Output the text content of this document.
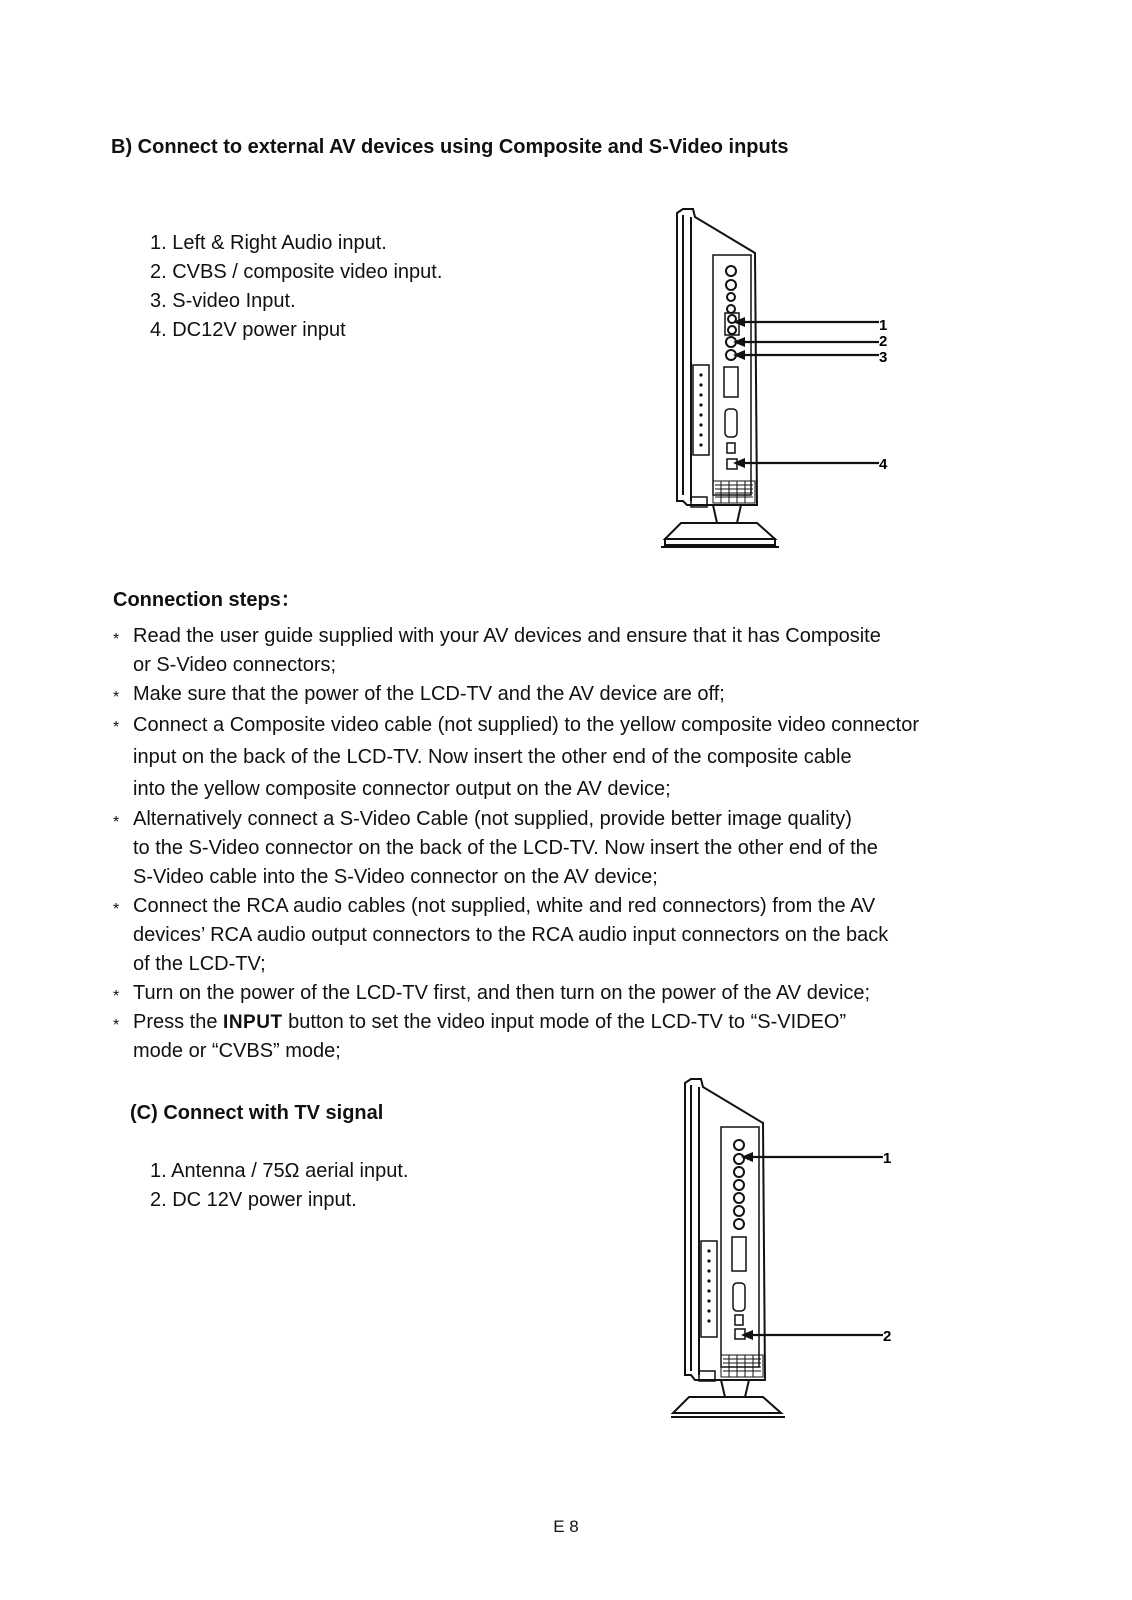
B) Connect to external AV devices using Composite and S-Video inputs
1. Left & Right Audio input.
2. CVBS / composite video input.
3. S-video Input.
4. DC12V power input	1
2
3
4
Connection steps：
* Read the user guide supplied with your AV devices and ensure that it has Composite
or S-Video connectors;
* Make sure that the power of the LCD-TV and the AV device are off;
* Connect a Composite video cable (not supplied) to the yellow composite video connector
input on the back of the LCD-TV. Now insert the other end of the composite cable
into the yellow composite connector output on the AV device;
* Alternatively connect a S-Video Cable (not supplied, provide better image quality)
to the S-Video connector on the back of the LCD-TV. Now insert the other end of the
S-Video cable into the S-Video connector on the AV device;
* Connect the RCA audio cables (not supplied, white and red connectors) from the AV
devices’ RCA audio output connectors to the RCA audio input connectors on the back
of the LCD-TV;
* Turn on the power of the LCD-TV first, and then turn on the power of the AV device;
* Press the INPUT button to set the video input mode of the LCD-TV to “S-VIDEO”
mode or “CVBS” mode;
(C) Connect with TV signal
1. Antenna / 75Ω aerial input.
2. DC 12V power input.
1
2
E 8
